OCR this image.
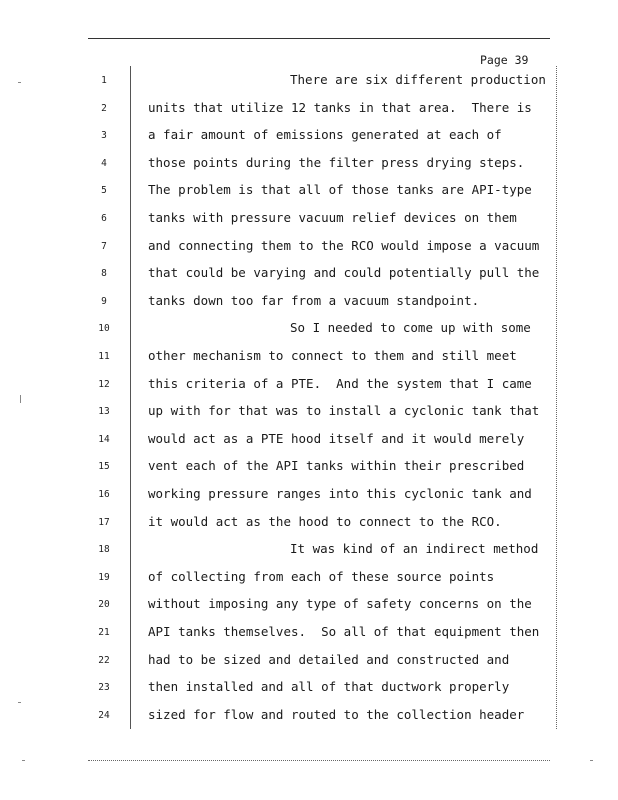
Page 39
1	There are six different production
2	units that utilize 12 tanks in that area.  There is
3	a fair amount of emissions generated at each of
4	those points during the filter press drying steps.
5	The problem is that all of those tanks are API-type
6	tanks with pressure vacuum relief devices on them
7	and connecting them to the RCO would impose a vacuum
8	that could be varying and could potentially pull the
9	tanks down too far from a vacuum standpoint.
10	So I needed to come up with some
11	other mechanism to connect to them and still meet
12	this criteria of a PTE.  And the system that I came
13	up with for that was to install a cyclonic tank that
14	would act as a PTE hood itself and it would merely
15	vent each of the API tanks within their prescribed
16	working pressure ranges into this cyclonic tank and
17	it would act as the hood to connect to the RCO.
18	It was kind of an indirect method
19	of collecting from each of these source points
20	without imposing any type of safety concerns on the
21	API tanks themselves.  So all of that equipment then
22	had to be sized and detailed and constructed and
23	then installed and all of that ductwork properly
24	sized for flow and routed to the collection header
